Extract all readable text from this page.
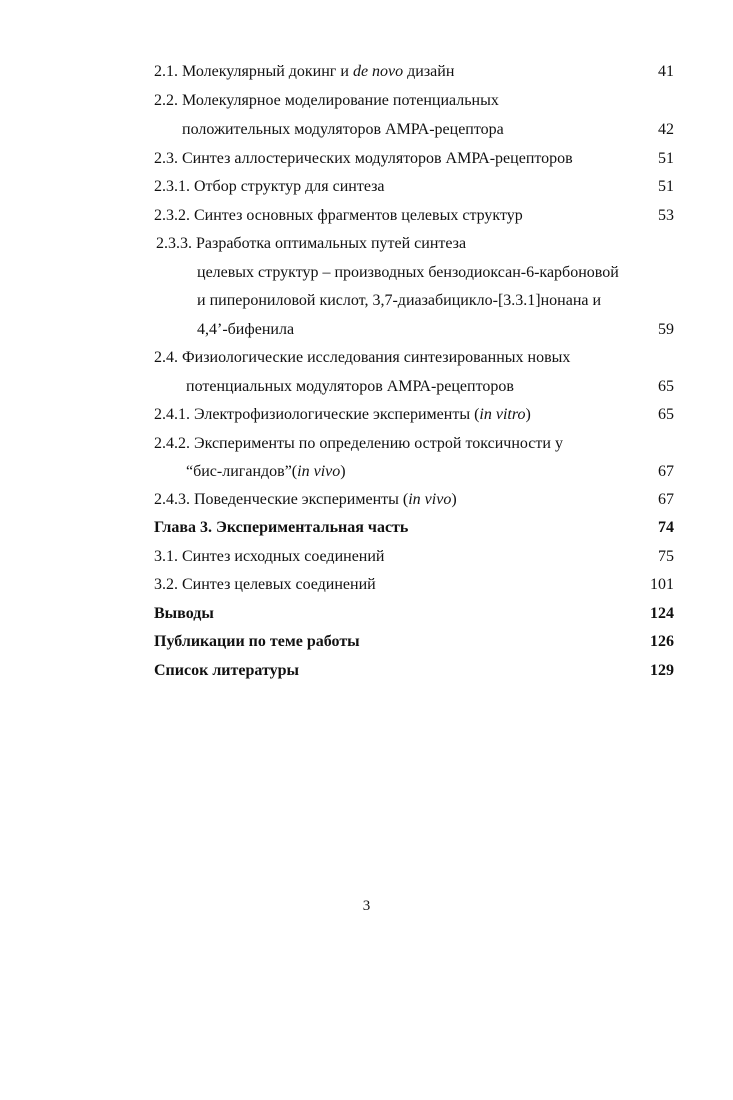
2.1. Молекулярный докинг и de novo дизайн	41
2.2. Молекулярное моделирование потенциальных
положительных модуляторов АМРА-рецептора	42
2.3. Синтез аллостерических модуляторов АМРА-рецепторов	51
2.3.1. Отбор структур для синтеза	51
2.3.2. Синтез основных фрагментов целевых структур	53
2.3.3. Разработка оптимальных путей синтеза
целевых структур – производных бензодиоксан-6-карбоновой
и пиперониловой кислот, 3,7-диазабицикло-[3.3.1]нонана и
4,4’-бифенила	59
2.4. Физиологические исследования синтезированных новых
потенциальных модуляторов АМРА-рецепторов	65
2.4.1. Электрофизиологические эксперименты (in vitro)	65
2.4.2. Эксперименты по определению острой токсичности у
“бис-лигандов”(in vivo)	67
2.4.3. Поведенческие эксперименты (in vivo)	67
Глава 3. Экспериментальная часть	74
3.1. Синтез исходных соединений	75
3.2. Синтез целевых соединений	101
Выводы	124
Публикации по теме работы	126
Список литературы	129
3
